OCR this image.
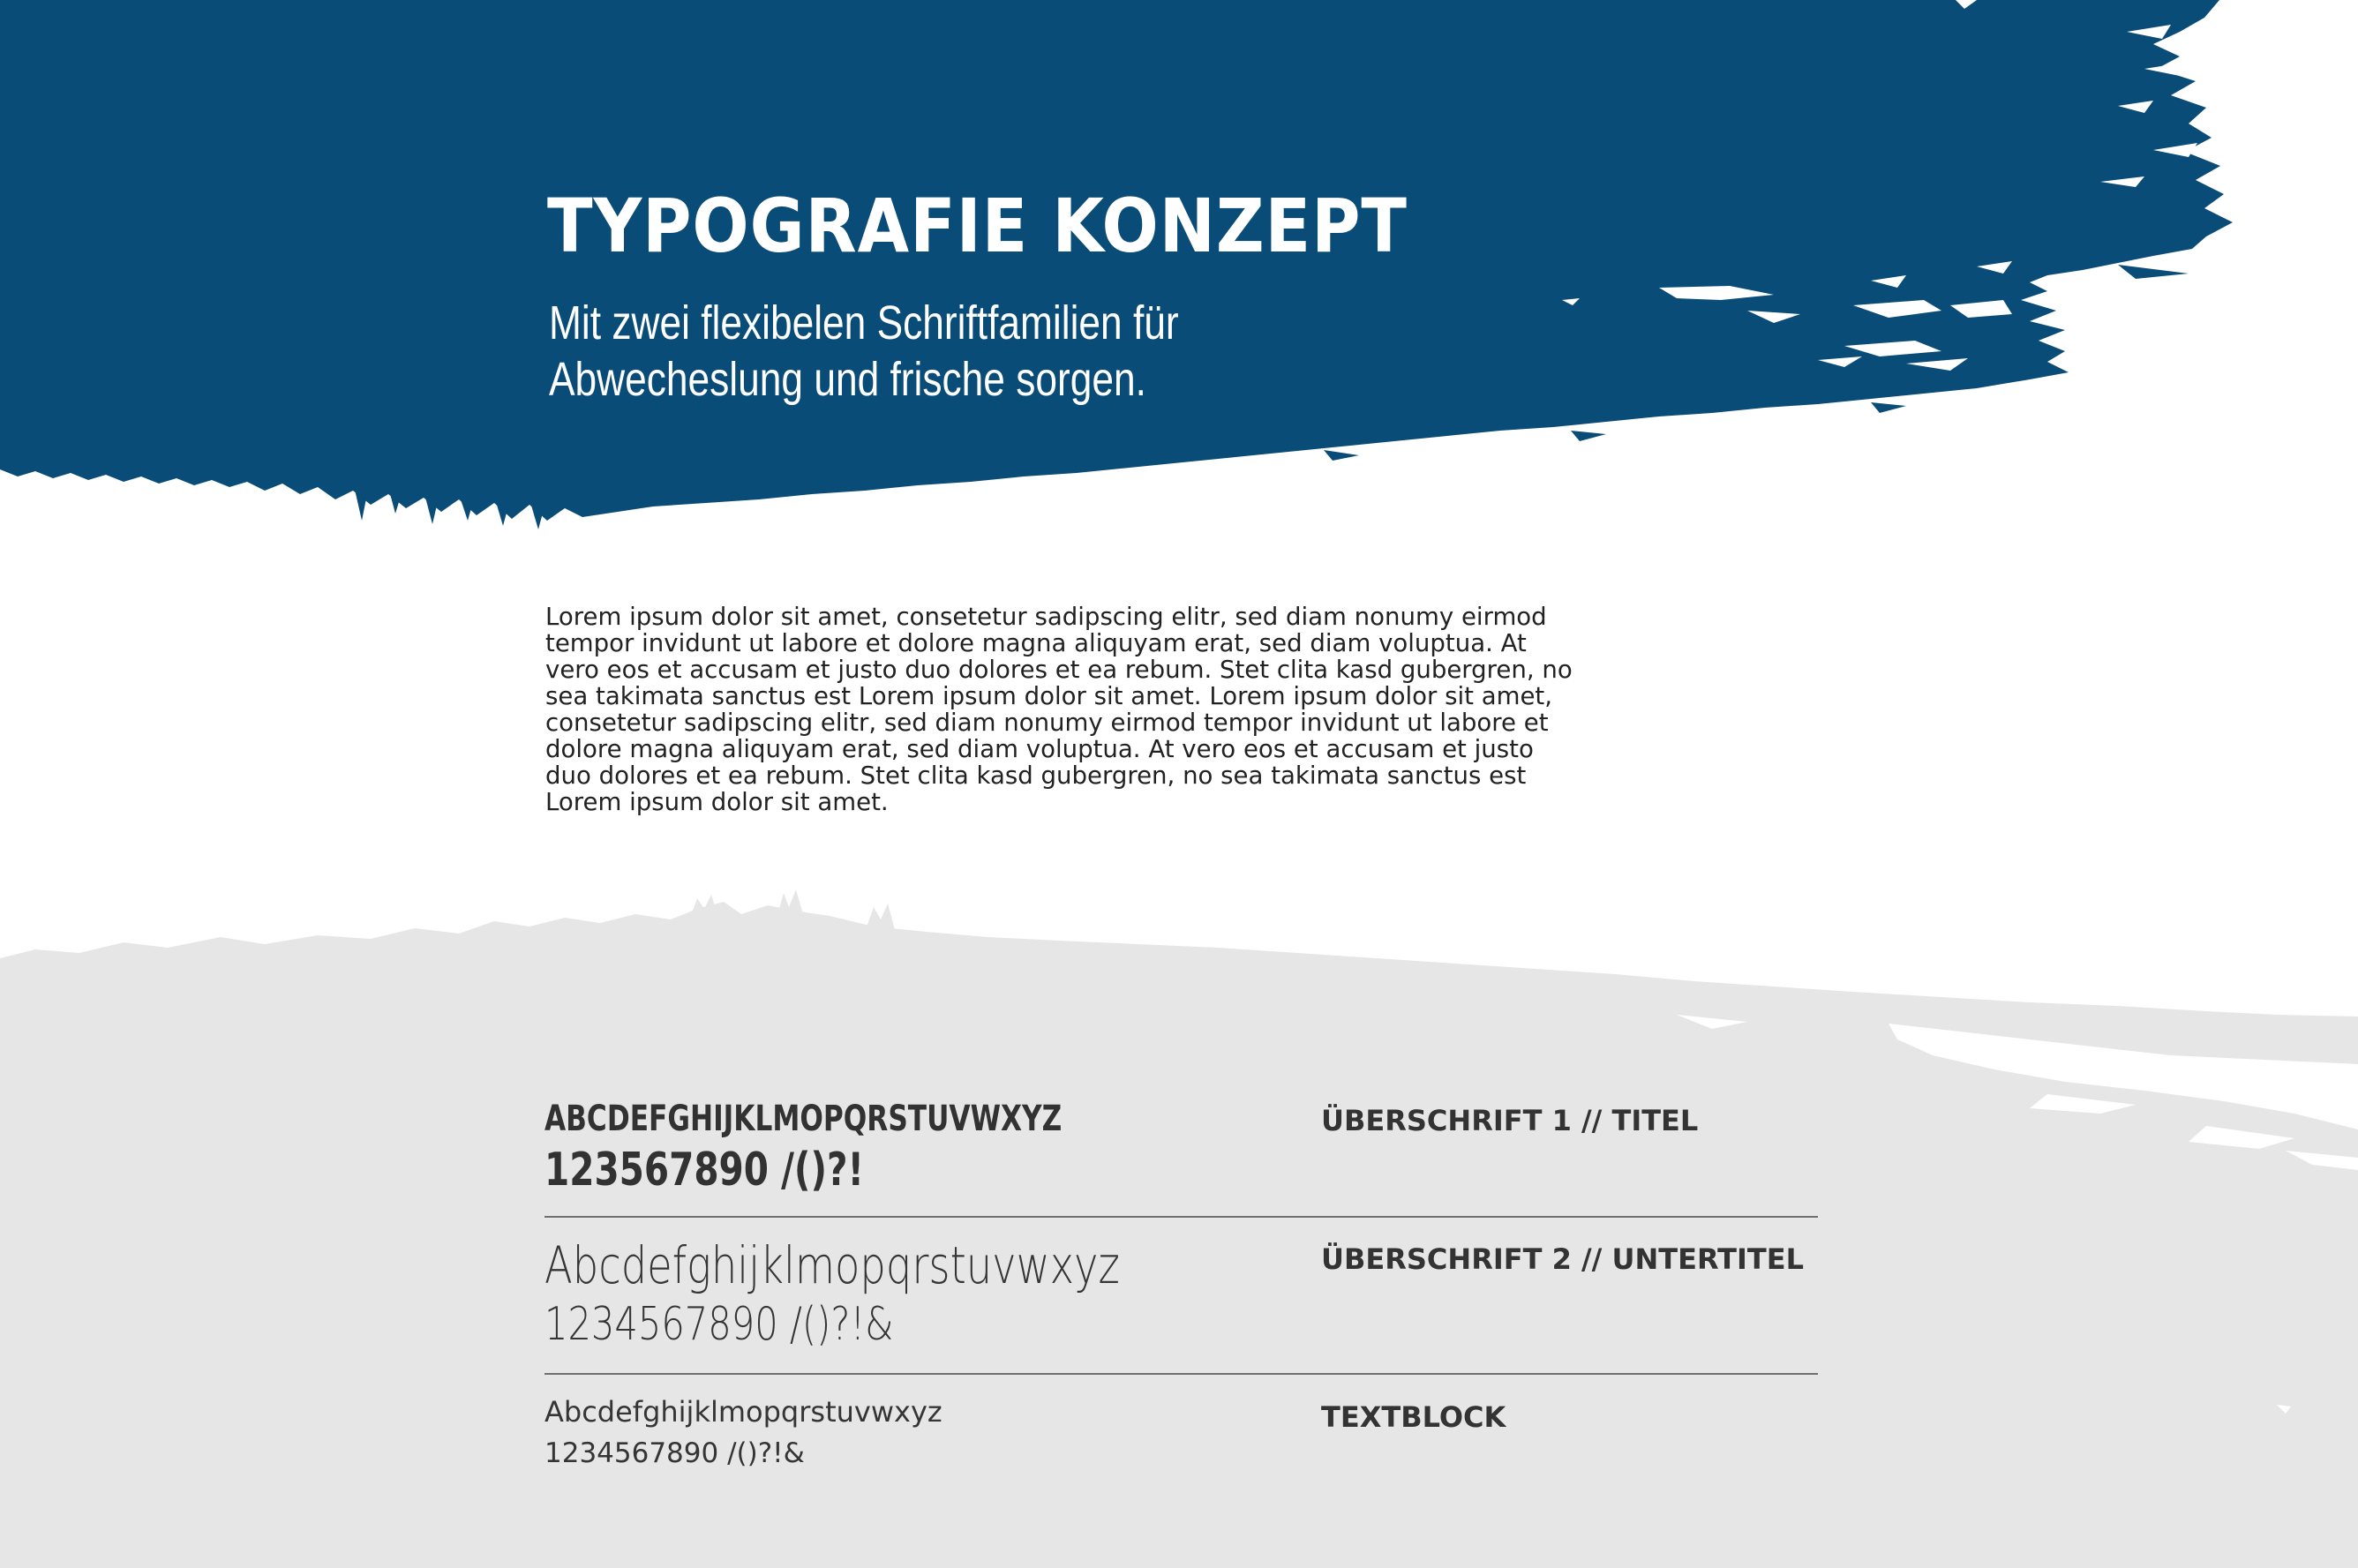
TYPOGRAFIE KONZEPT

Mit zwei flexibelen Schriftfamilien für
Abwecheslung und frische sorgen.

Lorem ipsum dolor sit amet, consetetur sadipscing elitr, sed diam nonumy eirmod tempor invidunt ut labore et dolore magna aliquyam erat, sed diam voluptua. At vero eos et accusam et justo duo dolores et ea rebum. Stet clita kasd gubergren, no sea takimata sanctus est Lorem ipsum dolor sit amet. Lorem ipsum dolor sit amet, consetetur sadipscing elitr, sed diam nonumy eirmod tempor invidunt ut labore et dolore magna aliquyam erat, sed diam voluptua. At vero eos et accusam et justo duo dolores et ea rebum. Stet clita kasd gubergren, no sea takimata sanctus est Lorem ipsum dolor sit amet.

ABCDEFGHIJKLMOPQRSTUVWXYZ
123567890 /()?!
ÜBERSCHRIFT 1 // TITEL
Abcdefghijklmopqrstuvwxyz
1234567890 /()?!&
ÜBERSCHRIFT 2 // UNTERTITEL
Abcdefghijklmopqrstuvwxyz
1234567890 /()?!&
TEXTBLOCK
